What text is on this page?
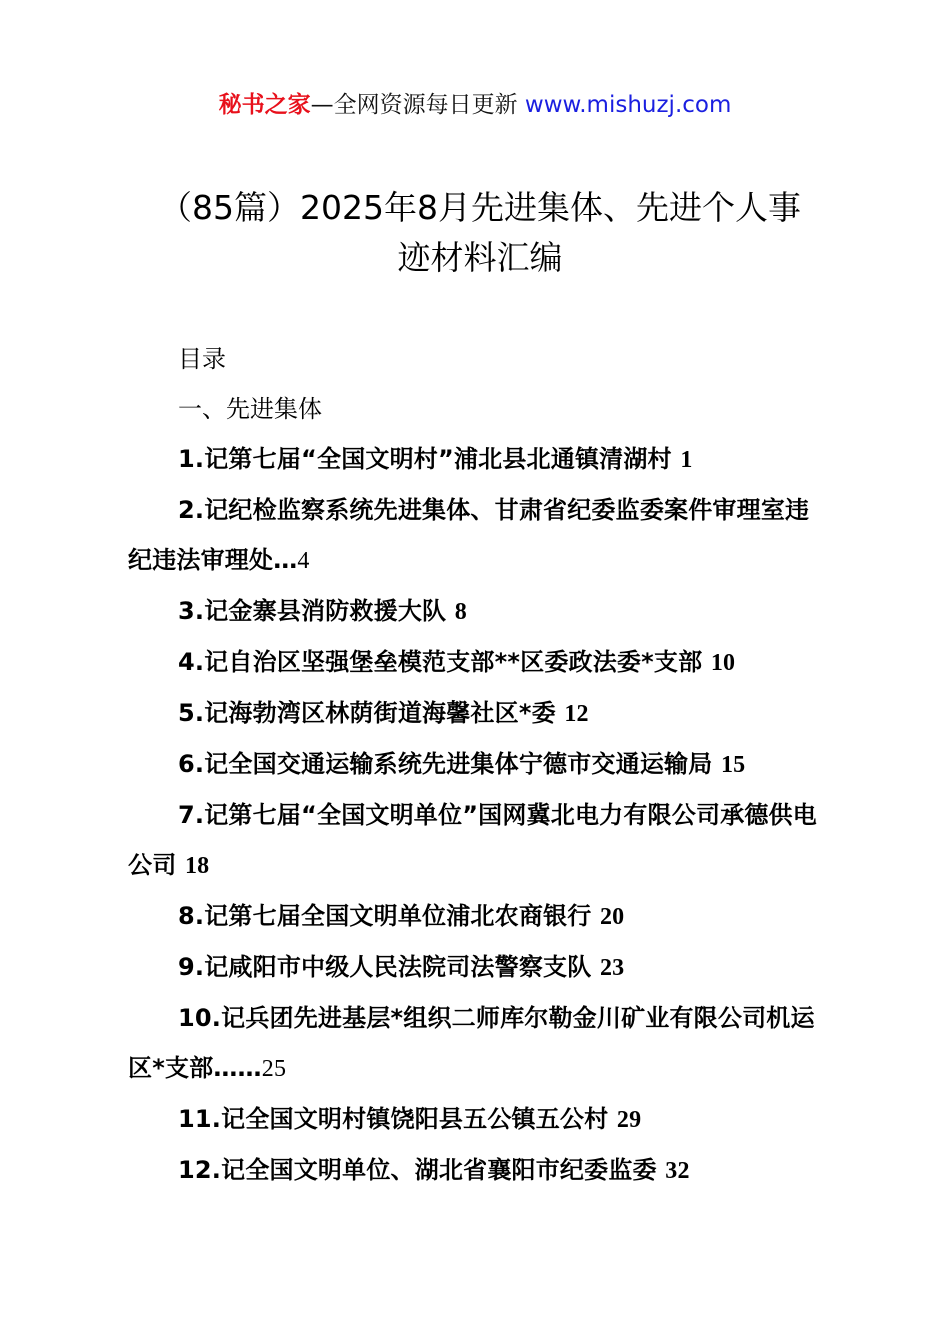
秘书之家—全网资源每日更新 www.mishuzj.com
（85篇）2025年8月先进集体、先进个人事
迹材料汇编

目录

一、先进集体

1.记第七届“全国文明村”浦北县北通镇清湖村 1

2.记纪检监察系统先进集体、甘肃省纪委监委案件审理室违纪违法审理处…4

3.记金寨县消防救援大队 8

4.记自治区坚强堡垒模范支部**区委政法委*支部 10

5.记海勃湾区林荫街道海馨社区*委 12

6.记全国交通运输系统先进集体宁德市交通运输局 15

7.记第七届“全国文明单位”国网冀北电力有限公司承德供电公司 18

8.记第七届全国文明单位浦北农商银行 20

9.记咸阳市中级人民法院司法警察支队 23

10.记兵团先进基层*组织二师库尔勒金川矿业有限公司机运区*支部……25

11.记全国文明村镇饶阳县五公镇五公村 29

12.记全国文明单位、湖北省襄阳市纪委监委 32
